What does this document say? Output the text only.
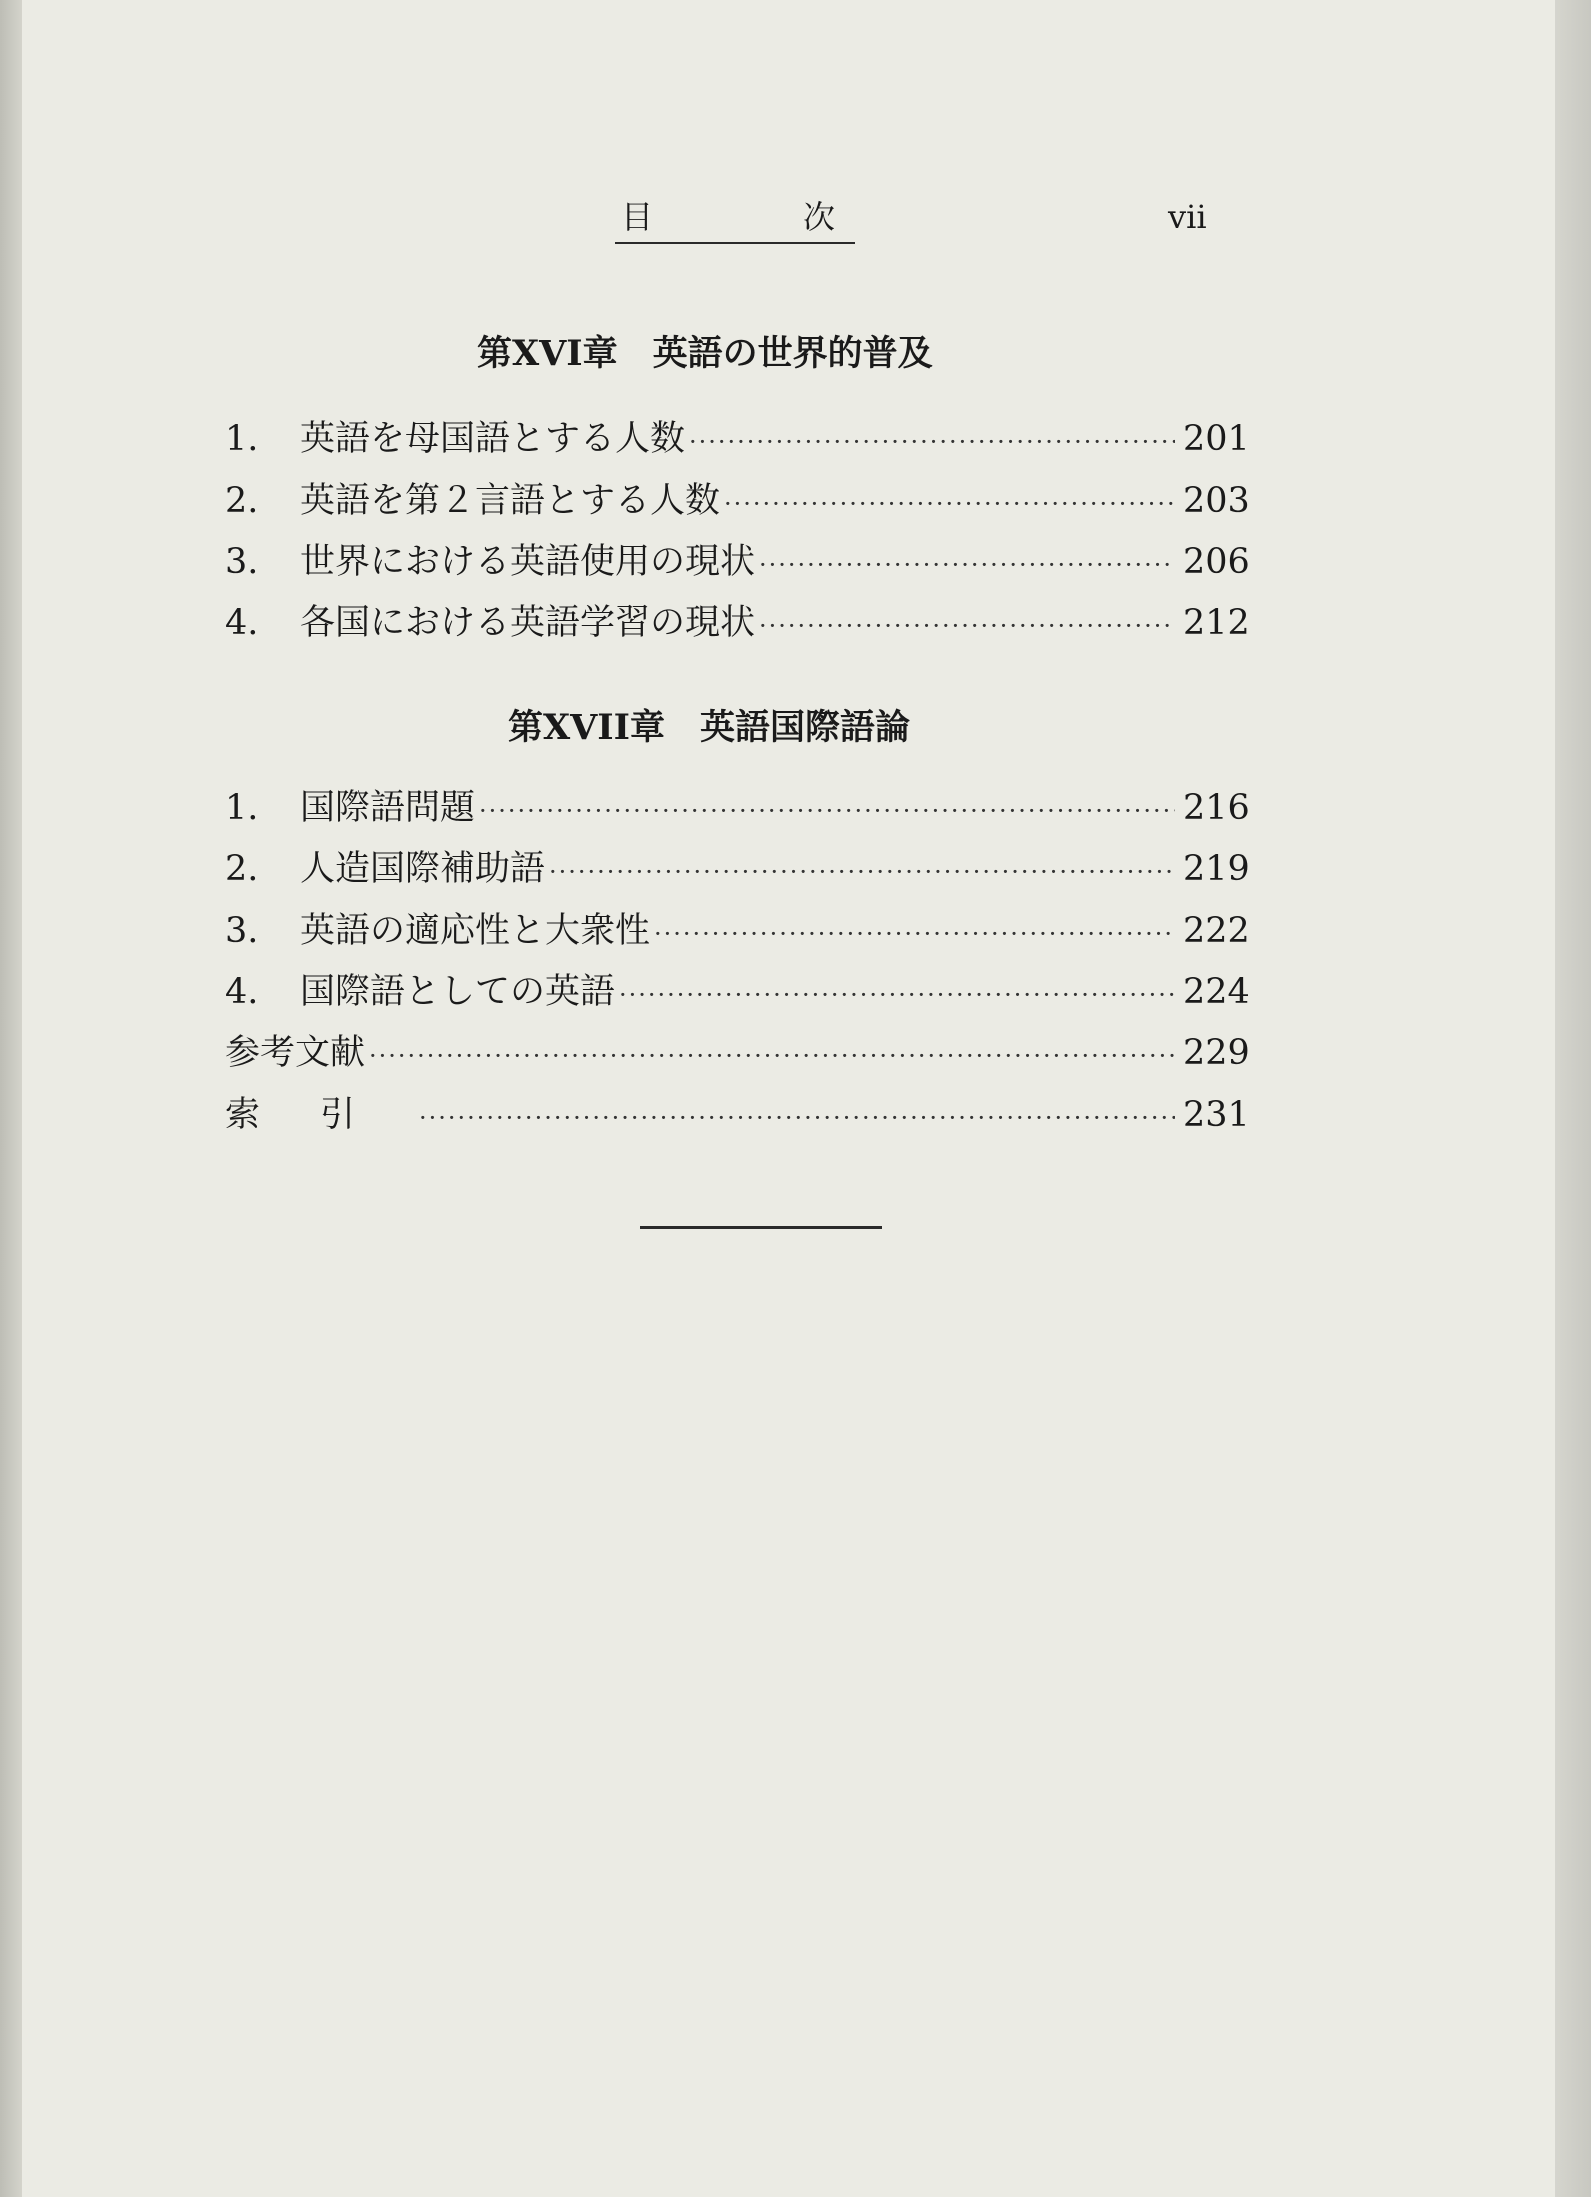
目次	vii
第XVI章　英語の世界的普及
1.	英語を母国語とする人数 ·····	201
2.	英語を第２言語とする人数 ·····	203
3.	世界における英語使用の現状 ·····	206
4.	各国における英語学習の現状 ·····	212
第XVII章　英語国際語論
1.	国際語問題 ·····	216
2.	人造国際補助語 ·····	219
3.	英語の適応性と大衆性 ·····	222
4.	国際語としての英語 ·····	224
参考文献 ·····	229
索引 ·····	231
